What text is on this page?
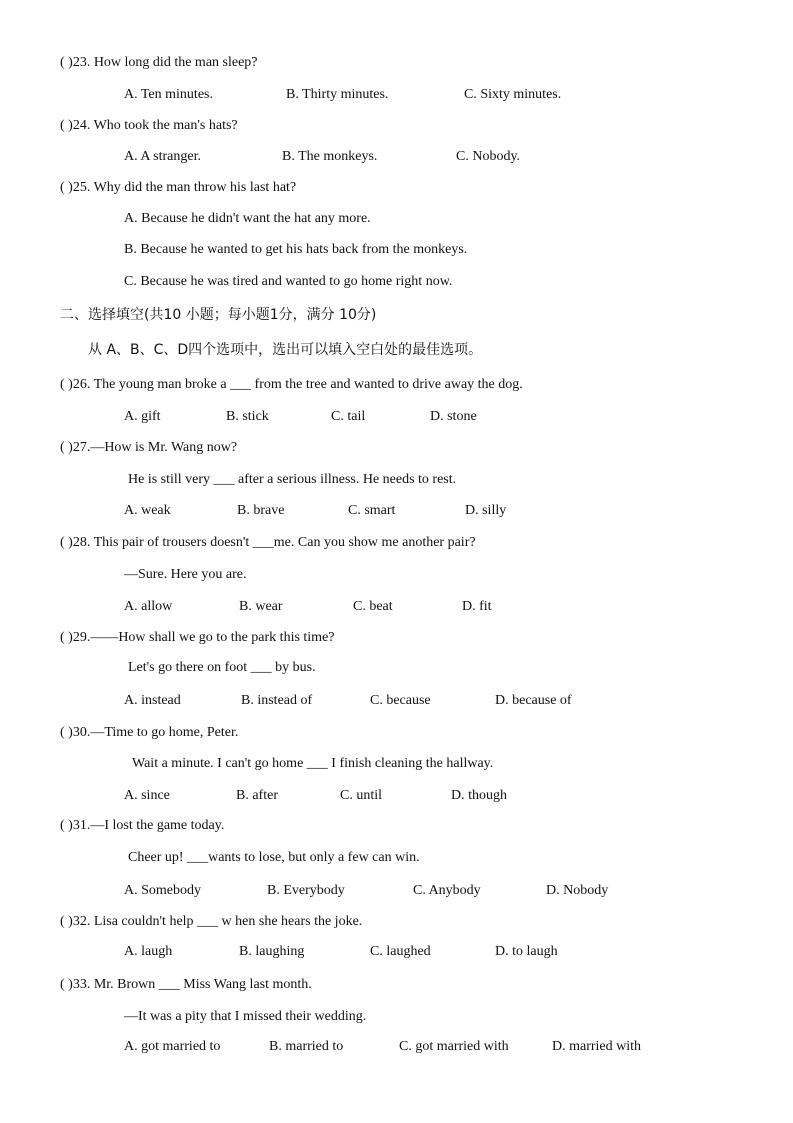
( )23. How long did the man sleep?
A. Ten minutes.	B. Thirty minutes.	C. Sixty minutes.
( )24. Who took the man's hats?
A. A stranger.	B. The monkeys.	C. Nobody.
( )25. Why did the man throw his last hat?
A. Because he didn't want the hat any more.
B. Because he wanted to get his hats back from the monkeys.
C. Because he was tired and wanted to go home right now.
二、选择填空(共10 小题；每小题1分，满分 10分)
从 A、B、C、D四个选项中，选出可以填入空白处的最佳选项。
( )26. The young man broke a ___ from the tree and wanted to drive away the dog.
A. gift	B. stick	C. tail	D. stone
( )27.—How is Mr. Wang now?
He is still very ___ after a serious illness. He needs to rest.
A. weak	B. brave	C. smart	D. silly
( )28. This pair of trousers doesn't ___me. Can you show me another pair?
—Sure. Here you are.
A. allow	B. wear	C. beat	D. fit
( )29.——How shall we go to the park this time?
Let's go there on foot ___ by bus.
A. instead	B. instead of	C. because	D. because of
( )30.—Time to go home, Peter.
Wait a minute. I can't go home ___ I finish cleaning the hallway.
A. since	B. after	C. until	D. though
( )31.—I lost the game today.
Cheer up! ___wants to lose, but only a few can win.
A. Somebody	B. Everybody	C. Anybody	D. Nobody
( )32. Lisa couldn't help ___ w hen she hears the joke.
A. laugh	B. laughing	C. laughed	D. to laugh
( )33. Mr. Brown ___ Miss Wang last month.
—It was a pity that I missed their wedding.
A. got married to	B. married to	C. got married with	D. married with
